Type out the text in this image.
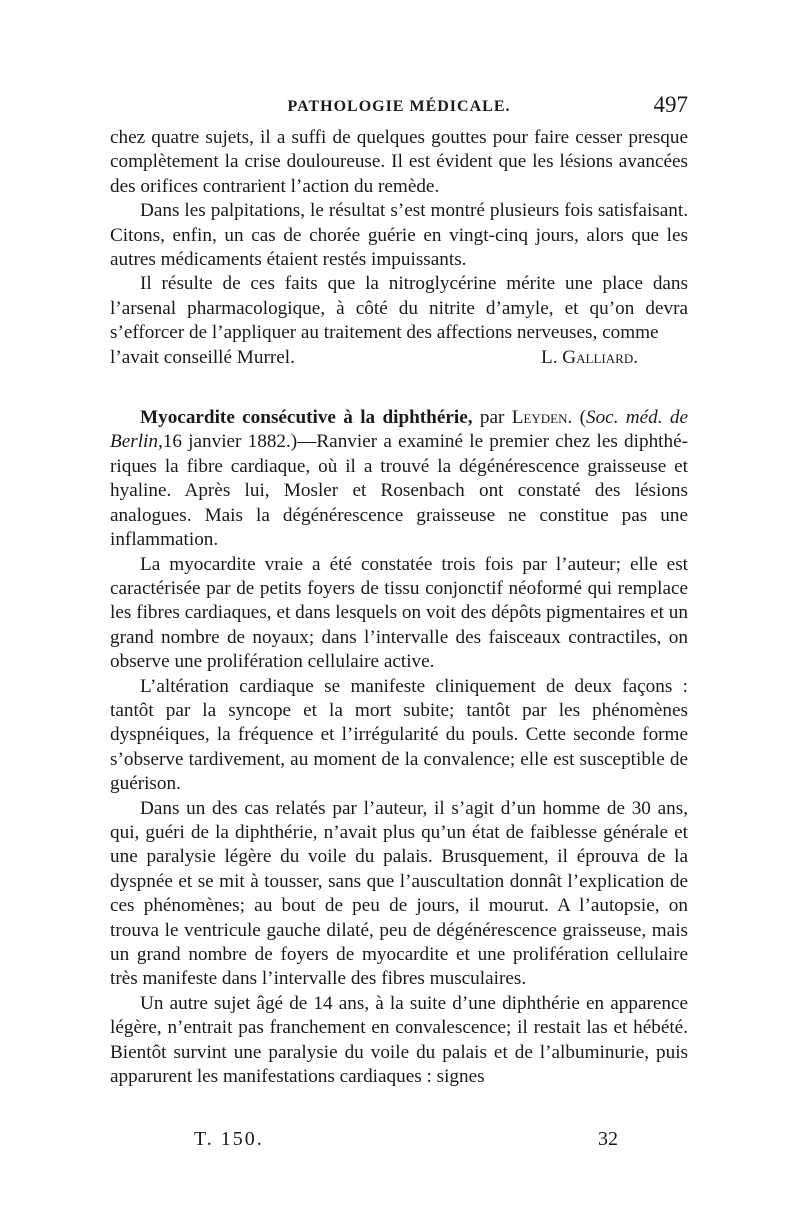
PATHOLOGIE MÉDICALE.	497

chez quatre sujets, il a suffi de quelques gouttes pour faire cesser presque complètement la crise douloureuse. Il est évident que les lésions avancées des orifices contrarient l’action du remède.

Dans les palpitations, le résultat s’est montré plusieurs fois satisfaisant. Citons, enfin, un cas de chorée guérie en vingt-cinq jours, alors que les autres médicaments étaient restés impuissants.

Il résulte de ces faits que la nitroglycérine mérite une place dans l’arsenal pharmacologique, à côté du nitrite d’amyle, et qu’on devra s’efforcer de l’appliquer au traitement des affections nerveuses, comme

l’avait conseillé Murrel.	L. Galliard.

Myocardite consécutive à la diphthérie, par Leyden. (Soc. méd. de Berlin,16 janvier 1882.)—Ranvier a examiné le premier chez les diphthériques la fibre cardiaque, où il a trouvé la dégénérescence graisseuse et hyaline. Après lui, Mosler et Rosenbach ont constaté des lésions analogues. Mais la dégénérescence graisseuse ne constitue pas une inflammation.

La myocardite vraie a été constatée trois fois par l’auteur; elle est caractérisée par de petits foyers de tissu conjonctif néoformé qui remplace les fibres cardiaques, et dans lesquels on voit des dépôts pigmentaires et un grand nombre de noyaux; dans l’intervalle des faisceaux contractiles, on observe une prolifération cellulaire active.

L’altération cardiaque se manifeste cliniquement de deux façons : tantôt par la syncope et la mort subite; tantôt par les phénomènes dyspnéiques, la fréquence et l’irrégularité du pouls. Cette seconde forme s’observe tardivement, au moment de la convalence; elle est susceptible de guérison.

Dans un des cas relatés par l’auteur, il s’agit d’un homme de 30 ans, qui, guéri de la diphthérie, n’avait plus qu’un état de faiblesse générale et une paralysie légère du voile du palais. Brusquement, il éprouva de la dyspnée et se mit à tousser, sans que l’auscultation donnât l’explication de ces phénomènes; au bout de peu de jours, il mourut. A l’autopsie, on trouva le ventricule gauche dilaté, peu de dégénérescence graisseuse, mais un grand nombre de foyers de myocardite et une prolifération cellulaire très manifeste dans l’intervalle des fibres musculaires.

Un autre sujet âgé de 14 ans, à la suite d’une diphthérie en apparence légère, n’entrait pas franchement en convalescence; il restait las et hébété. Bientôt survint une paralysie du voile du palais et de l’albuminurie, puis apparurent les manifestations cardiaques : signes

T. 150.	32
